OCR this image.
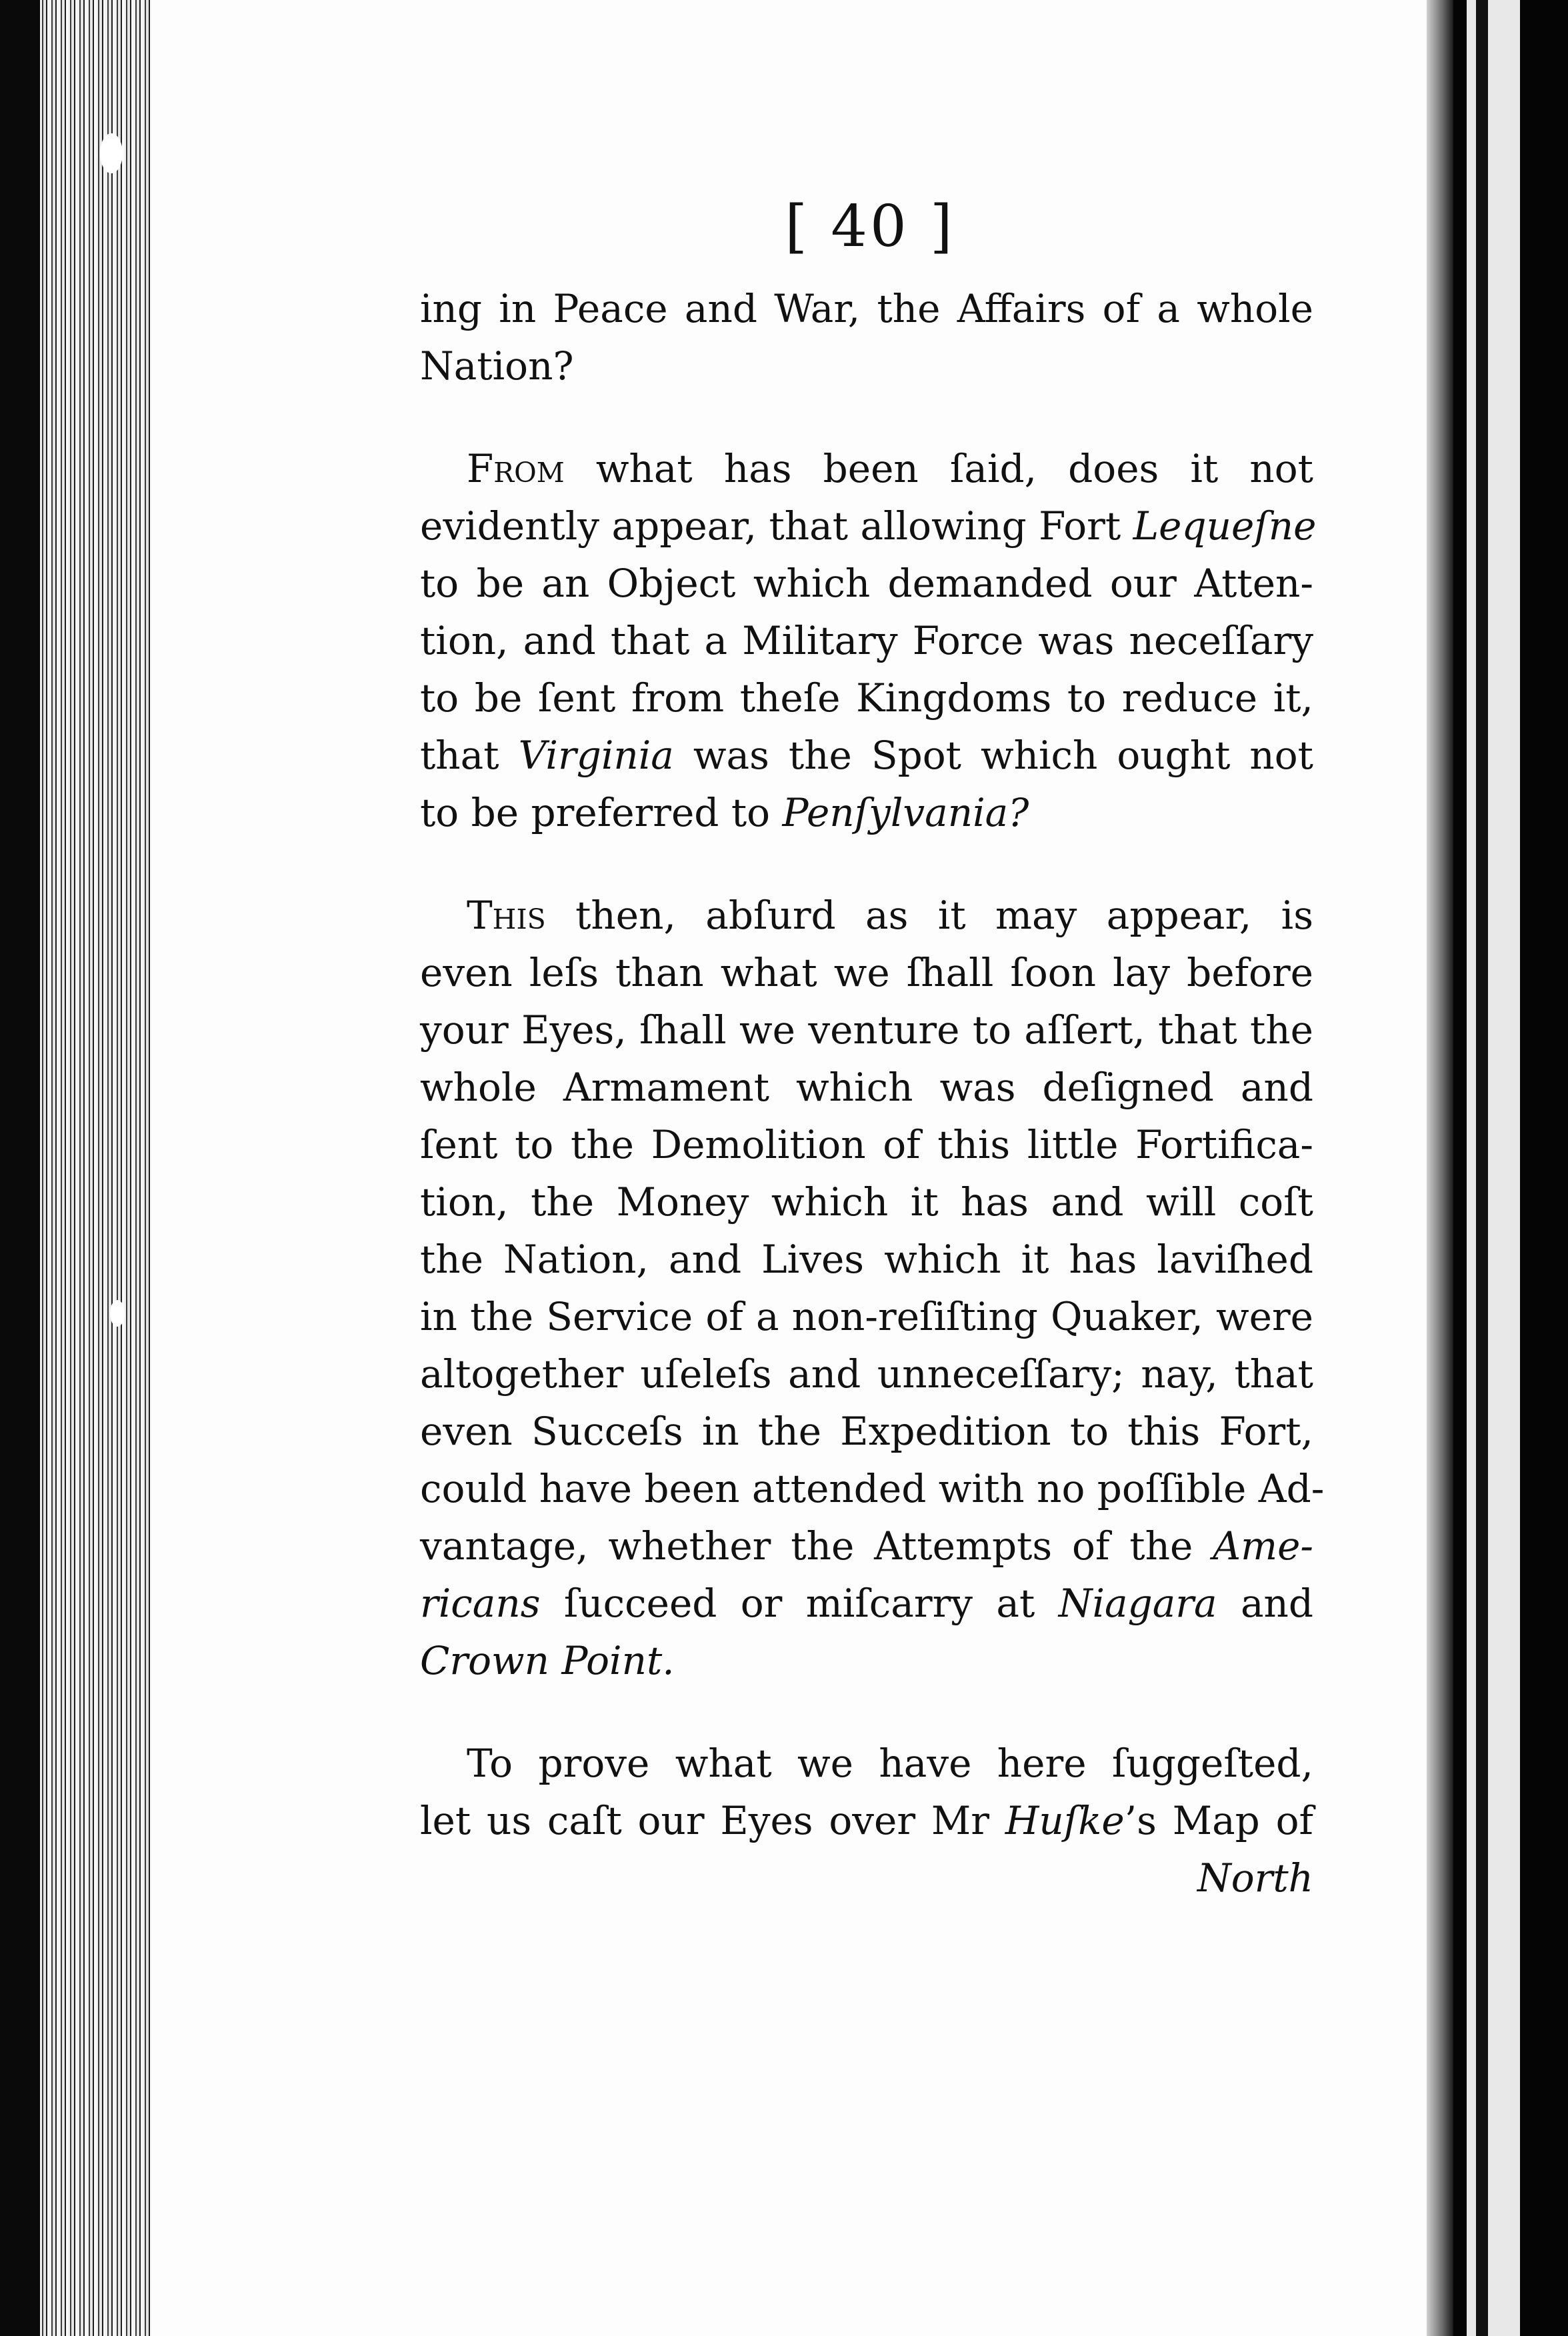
[ 40 ]
ing in Peace and War, the Affairs of a whole
Nation?
From what has been ſaid, does it not
evidently appear, that allowing Fort Lequeſne
to be an Object which demanded our Atten-
tion, and that a Military Force was neceſſary
to be ſent from theſe Kingdoms to reduce it,
that Virginia was the Spot which ought not
to be preferred to Penſylvania?
This then, abſurd as it may appear, is
even leſs than what we ſhall ſoon lay before
your Eyes, ſhall we venture to aſſert, that the
whole Armament which was deſigned and
ſent to the Demolition of this little Fortifica-
tion, the Money which it has and will coſt
the Nation, and Lives which it has laviſhed
in the Service of a non-reſiſting Quaker, were
altogether uſeleſs and unneceſſary; nay, that
even Succeſs in the Expedition to this Fort,
could have been attended with no poſſible Ad-
vantage, whether the Attempts of the Ame-
ricans ſucceed or miſcarry at Niagara and
Crown Point.
To prove what we have here ſuggeſted,
let us caſt our Eyes over Mr Huſke’s Map of
North
